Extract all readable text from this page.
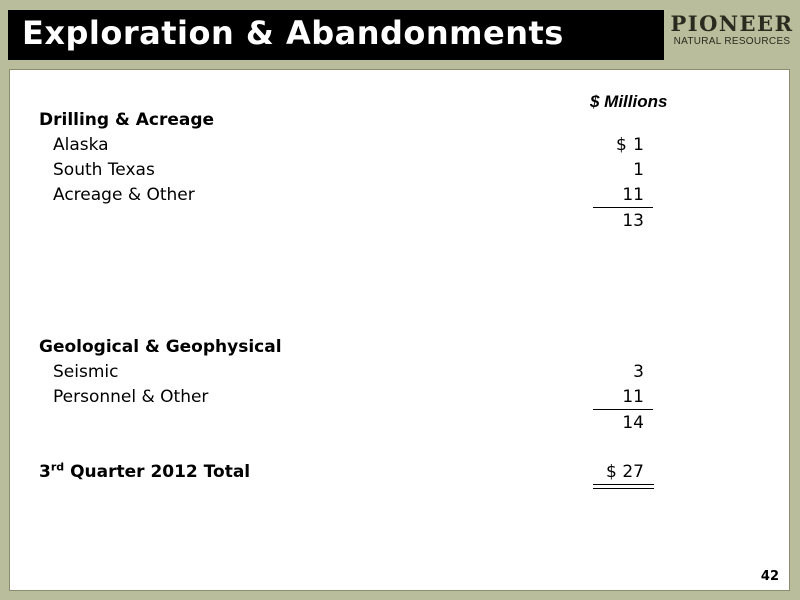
Exploration & Abandonments	PIONEER
NATURAL RESOURCES
$ Millions
Drilling & Acreage
Alaska	$ 1
South Texas	1
Acreage & Other	11
13
Geological & Geophysical
Seismic	3
Personnel & Other	11
14
3rd Quarter 2012 Total	$ 27
42
